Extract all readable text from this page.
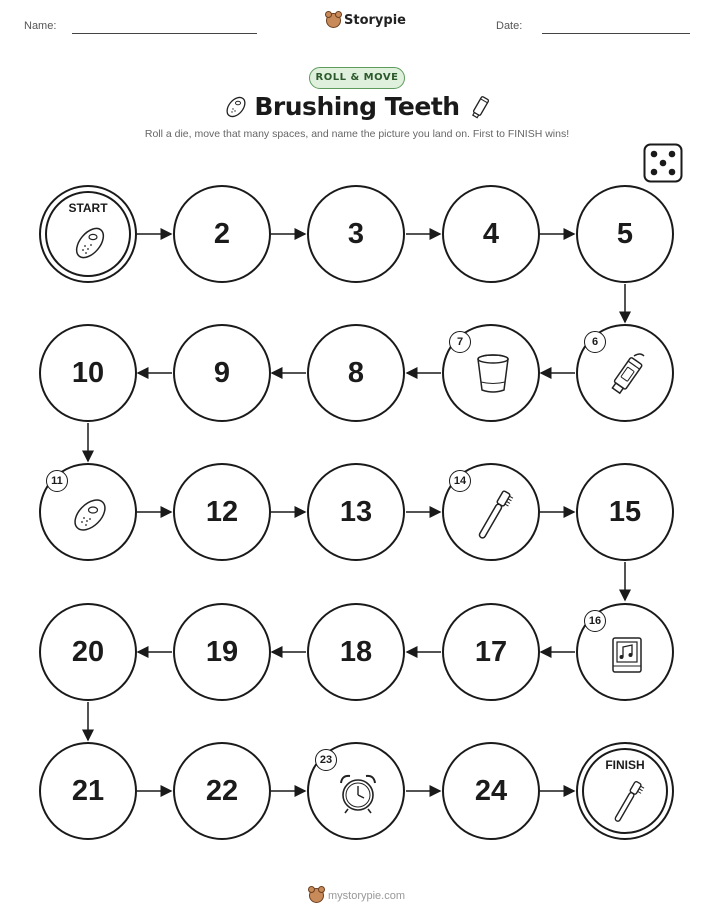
Name:	Storypie	Date:
ROLL & MOVE
Brushing Teeth
Roll a die, move that many spaces, and name the picture you land on. First to FINISH wins!
START
2	3	4	5
10	9	8
7	6
11
12	13
14
15
20	19	18	17
16
21	22
23
24
FINISH
mystorypie.com
